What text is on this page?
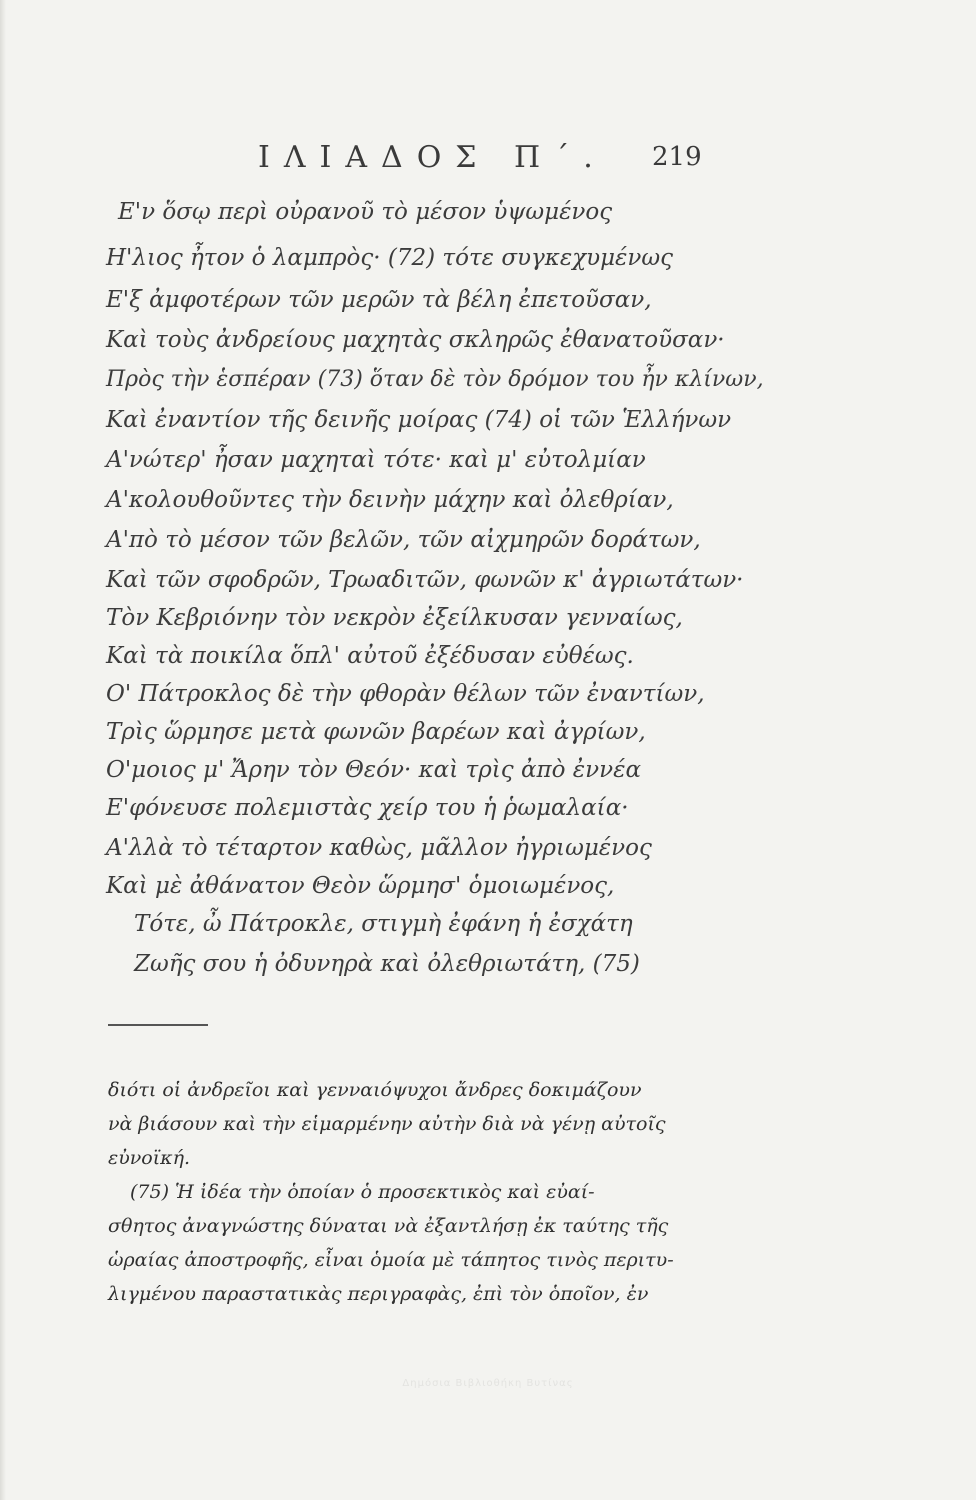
ΙΛΙΑΔΟΣ Π΄. 219
Ε'ν ὅσῳ περὶ οὐρανοῦ τὸ μέσον ὑψωμένος
Η'λιος ἦτον ὁ λαμπρὸς· (72) τότε συγκεχυμένως
Ε'ξ ἀμφοτέρων τῶν μερῶν τὰ βέλη ἐπετοῦσαν,
Καὶ τοὺς ἀνδρείους μαχητὰς σκληρῶς ἐθανατοῦσαν·
Πρὸς τὴν ἑσπέραν (73) ὅταν δὲ τὸν δρόμον του ἦν κλίνων,
Καὶ ἐναντίον τῆς δεινῆς μοίρας (74) οἱ τῶν Ἑλλήνων
Α'νώτερ' ἦσαν μαχηταὶ τότε· καὶ μ' εὐτολμίαν
Α'κολουθοῦντες τὴν δεινὴν μάχην καὶ ὀλεθρίαν,
Α'πὸ τὸ μέσον τῶν βελῶν, τῶν αἰχμηρῶν δοράτων,
Καὶ τῶν σφοδρῶν, Τρωαδιτῶν, φωνῶν κ' ἀγριωτάτων·
Τὸν Κεβριόνην τὸν νεκρὸν ἐξείλκυσαν γενναίως,
Καὶ τὰ ποικίλα ὅπλ' αὐτοῦ ἐξέδυσαν εὐθέως.
Ο' Πάτροκλος δὲ τὴν φθορὰν θέλων τῶν ἐναντίων,
Τρὶς ὥρμησε μετὰ φωνῶν βαρέων καὶ ἀγρίων,
Ο'μοιος μ' Ἄρην τὸν Θεόν· καὶ τρὶς ἀπὸ ἐννέα
Ε'φόνευσε πολεμιστὰς χείρ του ἡ ῥωμαλαία·
Α'λλὰ τὸ τέταρτον καθὼς, μᾶλλον ἠγριωμένος
Καὶ μὲ ἀθάνατον Θεὸν ὥρμησ' ὁμοιωμένος,
Τότε, ὦ Πάτροκλε, στιγμὴ ἐφάνη ἡ ἐσχάτη
Ζωῆς σου ἡ ὀδυνηρὰ καὶ ὀλεθριωτάτη, (75)
διότι οἱ ἀνδρεῖοι καὶ γενναιόψυχοι ἄνδρες δοκιμάζουν
νὰ βιάσουν καὶ τὴν εἱμαρμένην αὐτὴν διὰ νὰ γένῃ αὐτοῖς
εὐνοϊκή.
(75) Ἡ ἰδέα τὴν ὁποίαν ὁ προσεκτικὸς καὶ εὐαί-
σθητος ἀναγνώστης δύναται νὰ ἐξαντλήσῃ ἐκ ταύτης τῆς
ὡραίας ἀποστροφῆς, εἶναι ὁμοία μὲ τάπητος τινὸς περιτυ-
λιγμένου παραστατικὰς περιγραφὰς, ἐπὶ τὸν ὁποῖον, ἐν
Δημόσια Βιβλιοθήκη Βυτίνας
